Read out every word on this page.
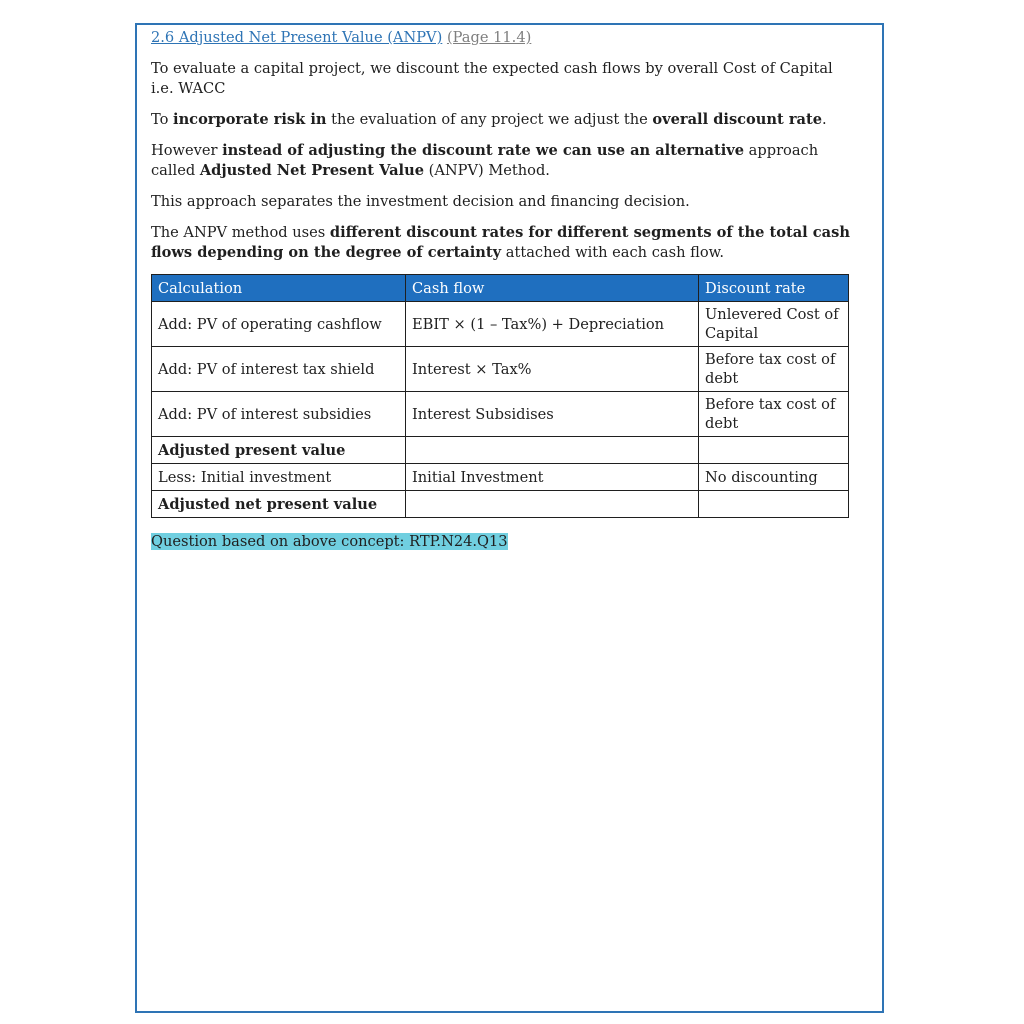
2.6 Adjusted Net Present Value (ANPV) (Page 11.4)

To evaluate a capital project, we discount the expected cash flows by overall Cost of Capital i.e. WACC

To incorporate risk in the evaluation of any project we adjust the overall discount rate.

However instead of adjusting the discount rate we can use an alternative approach called Adjusted Net Present Value (ANPV) Method.

This approach separates the investment decision and financing decision.

The ANPV method uses different discount rates for different segments of the total cash flows depending on the degree of certainty attached with each cash flow.

Calculation	Cash flow	Discount rate
Add: PV of operating cashflow	EBIT × (1 – Tax%) + Depreciation	Unlevered Cost of Capital
Add: PV of interest tax shield	Interest × Tax%	Before tax cost of debt
Add: PV of interest subsidies	Interest Subsidises	Before tax cost of debt
Adjusted present value		
Less: Initial investment	Initial Investment	No discounting
Adjusted net present value		
Question based on above concept: RTP.N24.Q13
